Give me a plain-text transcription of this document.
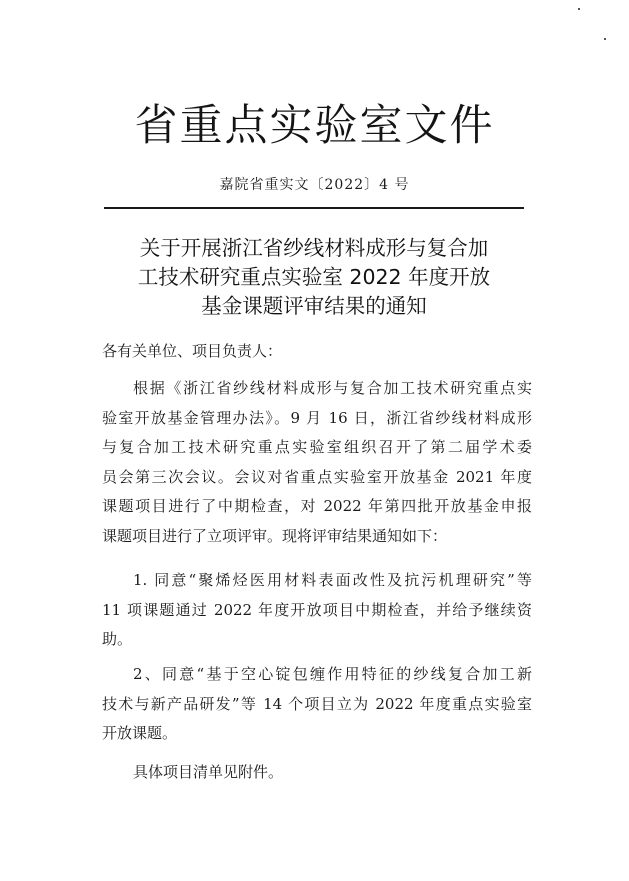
省重点实验室文件
嘉院省重实文〔2022〕4 号
关于开展浙江省纱线材料成形与复合加
工技术研究重点实验室 2022 年度开放
基金课题评审结果的通知
各有关单位、项目负责人：
根据《浙江省纱线材料成形与复合加工技术研究重点实
验室开放基金管理办法》。9 月 16 日，浙江省纱线材料成形
与复合加工技术研究重点实验室组织召开了第二届学术委
员会第三次会议。会议对省重点实验室开放基金 2021 年度
课题项目进行了中期检查，对 2022 年第四批开放基金申报
课题项目进行了立项评审。现将评审结果通知如下：
1. 同意“聚烯烃医用材料表面改性及抗污机理研究”等
11 项课题通过 2022 年度开放项目中期检查，并给予继续资
助。
2、同意“基于空心锭包缠作用特征的纱线复合加工新
技术与新产品研发”等 14 个项目立为 2022 年度重点实验室
开放课题。
具体项目清单见附件。
